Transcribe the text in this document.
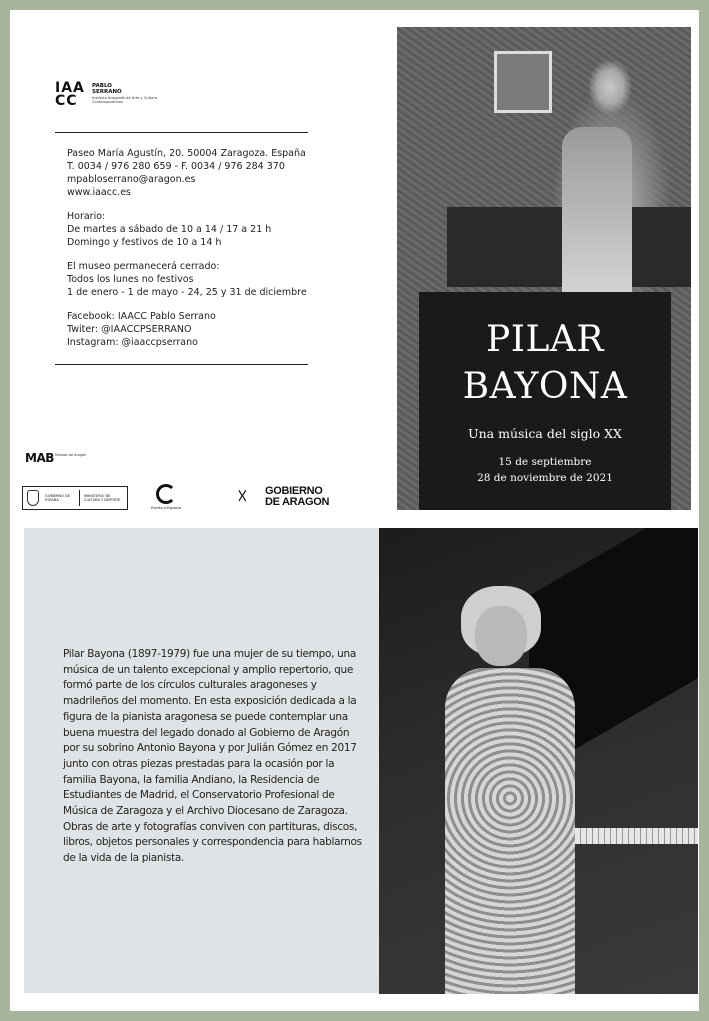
IAA CC
PABLO SERRANO
Instituto Aragonés de Arte y Cultura Contemporáneos

Paseo María Agustín, 20. 50004 Zaragoza. España

T. 0034 / 976 280 659 - F. 0034 / 976 284 370

mpabloserrano@aragon.es

www.iaacc.es

Horario:

De martes a sábado de 10 a 14 / 17 a 21 h

Domingo y festivos de 10 a 14 h

El museo permanecerá cerrado:

Todos los lunes no festivos

1 de enero - 1 de mayo - 24, 25 y 31 de diciembre

Facebook: IAACC Pablo Serrano

Twiter: @IAACCPSERRANO

Instagram: @iaaccpserrano

MAB Museos de Aragón
GOBIERNO DE ESPAÑA
MINISTERIO DE CULTURA Y DEPORTE
Puerta a Espacio	☓ GOBIERNO
DE ARAGON
PILAR
BAYONA
Una música del siglo XX
15 de septiembre
28 de noviembre de 2021
Pilar Bayona (1897-1979) fue una mujer de su tiempo, una música de un talento excepcional y amplio repertorio, que formó parte de los círculos culturales aragoneses y madrileños del momento. En esta exposición dedicada a la figura de la pianista aragonesa se puede contemplar una buena muestra del legado donado al Gobierno de Aragón por su sobrino Antonio Bayona y por Julián Gómez en 2017 junto con otras piezas prestadas para la ocasión por la familia Bayona, la familia Andiano, la Residencia de Estudiantes de Madrid, el Conservatorio Profesional de Música de Zaragoza y el Archivo Diocesano de Zaragoza. Obras de arte y fotografías conviven con partituras, discos, libros, objetos personales y correspondencia para hablarnos de la vida de la pianista.
